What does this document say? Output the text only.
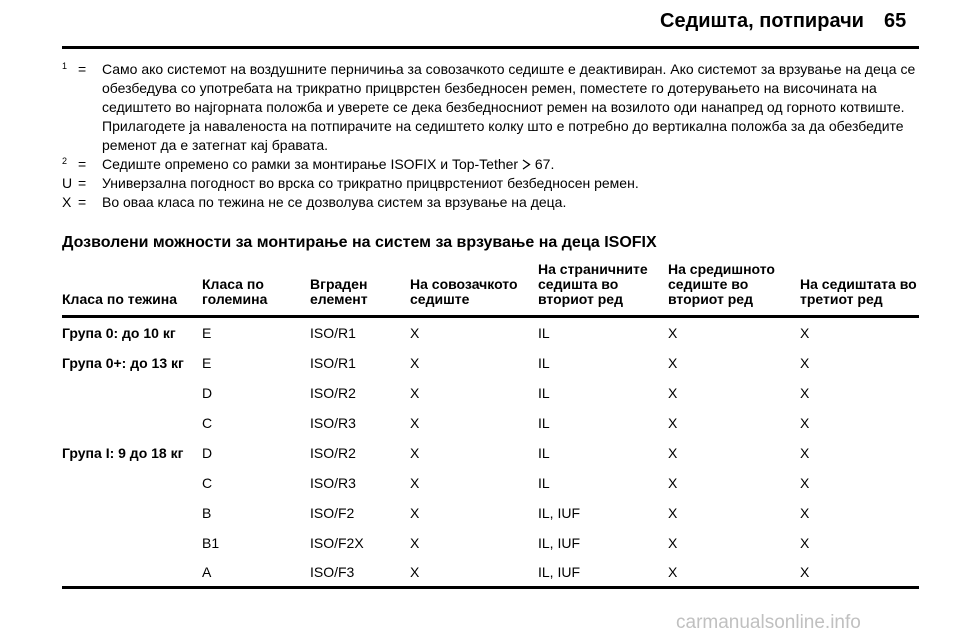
Седишта, потпирачи 65
1 =	Само ако системот на воздушните перничиња за совозачкото седиште е деактивиран. Ако системот за врзување на деца се обезбедува со употребата на трикратно прицврстен безбедносен ремен, поместете го дотерувањето на височината на седиштето во најгорната положба и уверете се дека безбедносниот ремен на возилото оди нанапред од горното котвиште. Прилагодете ја наваленоста на потпирачите на седиштето колку што е потребно до вертикална положба за да обезбедите ременот да е затегнат кај бравата.
2 =	Седиште опремено со рамки за монтирање ISOFIX и Top-Tether 67.
U =	Универзална погодност во врска со трикратно прицврстениот безбедносен ремен.
X =	Во оваа класа по тежина не се дозволува систем за врзување на деца.
Дозволени можности за монтирање на систем за врзување на деца ISOFIX
Класа по тежина	Класа по големина	Вграден елемент	На совозачкото седиште	На страничните седишта во вториот ред	На средишното седиште во вториот ред	На седиштата во третиот ред
Група 0: до 10 кг	E	ISO/R1	X	IL	X	X
Група 0+: до 13 кг	E	ISO/R1	X	IL	X	X
	D	ISO/R2	X	IL	X	X
	C	ISO/R3	X	IL	X	X
Група I: 9 до 18 кг	D	ISO/R2	X	IL	X	X
	C	ISO/R3	X	IL	X	X
	B	ISO/F2	X	IL, IUF	X	X
	B1	ISO/F2X	X	IL, IUF	X	X
	A	ISO/F3	X	IL, IUF	X	X
carmanualsonline.info
